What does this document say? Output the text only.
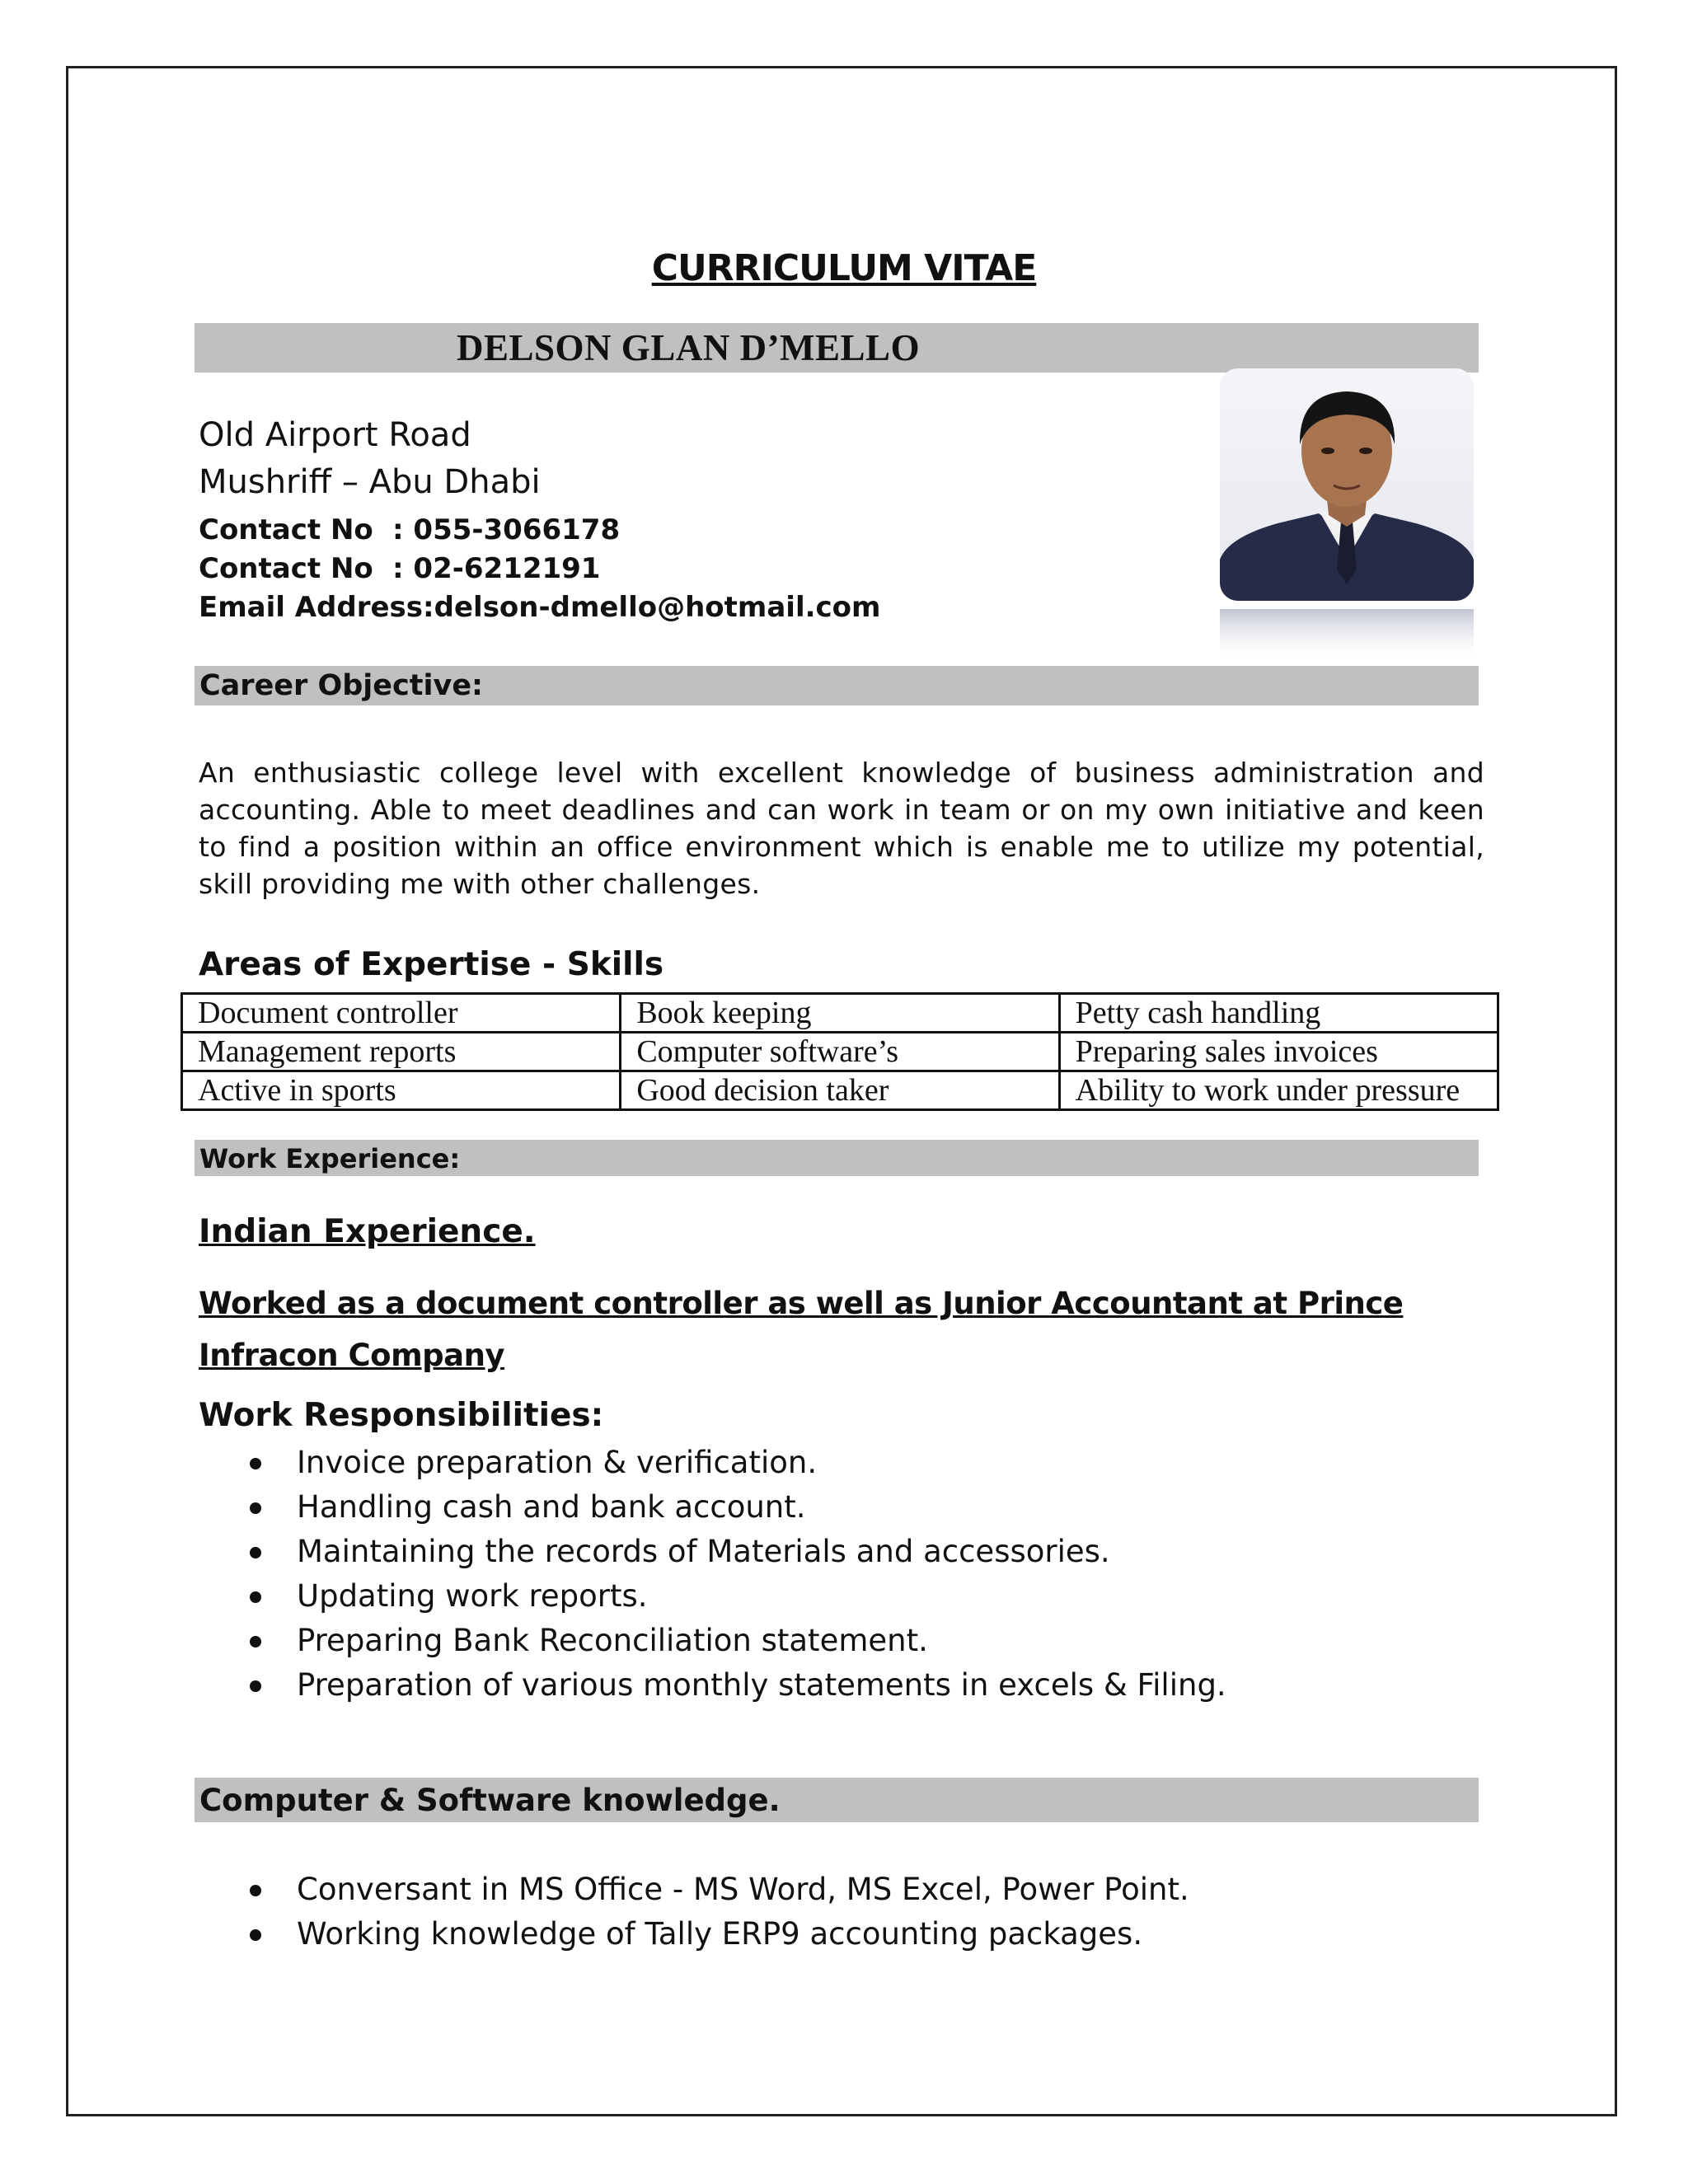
CURRICULUM VITAE
DELSON GLAN D’MELLO
Old Airport Road
Mushriff – Abu Dhabi
Contact No : 055-3066178
Contact No : 02-6212191
Email Address:delson-dmello@hotmail.com
Career Objective:
An enthusiastic college level with excellent knowledge of business administration and accounting. Able to meet deadlines and can work in team or on my own initiative and keen to find a position within an office environment which is enable me to utilize my potential, skill providing me with other challenges.
Areas of Expertise - Skills
Document controller	Book keeping	Petty cash handling
Management reports	Computer software’s	Preparing sales invoices
Active in sports	Good decision taker	Ability to work under pressure
Work Experience:
Indian Experience.
Worked as a document controller as well as Junior Accountant at Prince
Infracon Company
Work Responsibilities:
Invoice preparation & verification.
Handling cash and bank account.
Maintaining the records of Materials and accessories.
Updating work reports.
Preparing Bank Reconciliation statement.
Preparation of various monthly statements in excels & Filing.
Computer & Software knowledge.
Conversant in MS Office - MS Word, MS Excel, Power Point.
Working knowledge of Tally ERP9 accounting packages.
